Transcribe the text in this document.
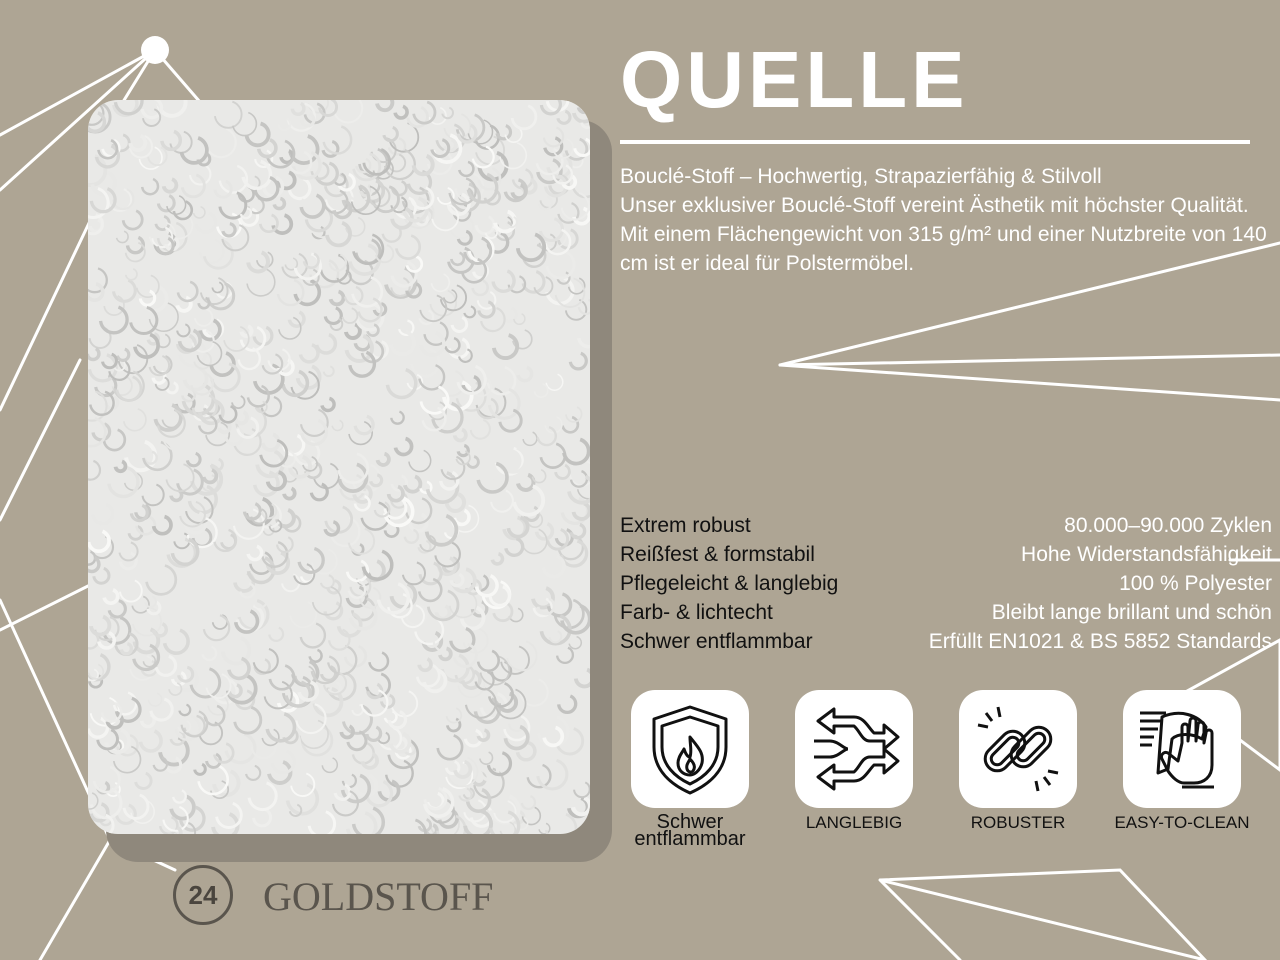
QUELLE

Bouclé-Stoff – Hochwertig, Strapazierfähig & Stilvoll

Unser exklusiver Bouclé-Stoff vereint Ästhetik mit höchster Qualität. Mit einem Flächengewicht von 315 g/m² und einer Nutzbreite von 140 cm ist er ideal für Polstermöbel.

Extrem robust	80.000–90.000 Zyklen
Reißfest & formstabil	Hohe Widerstandsfähigkeit
Pflegeleicht & langlebig	100 % Polyester
Farb- & lichtecht	Bleibt lange brillant und schön
Schwer entflammbar	Erfüllt EN1021 & BS 5852 Standards
Schwer entflammbar
LANGLEBIG	ROBUSTER	EASY-TO-CLEAN
24 GOLDSTOFF
